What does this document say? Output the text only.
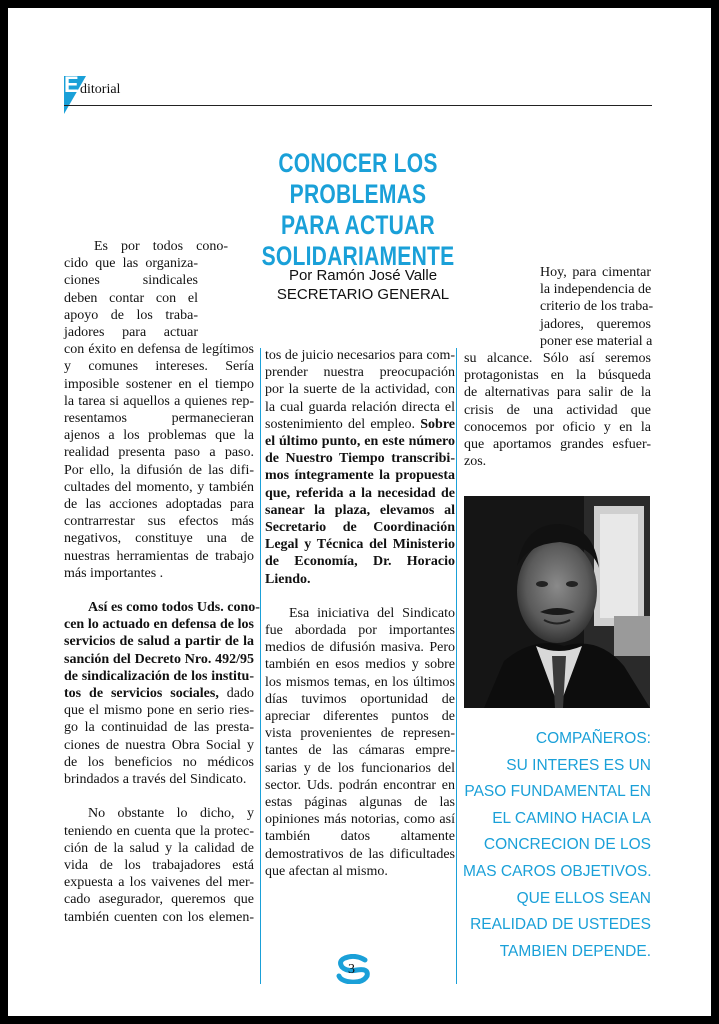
E ditorial
CONOCER LOS PROBLEMAS
PARA ACTUAR
SOLIDARIAMENTE
Por Ramón José Valle
SECRETARIO GENERAL

Es por todos cono-
cido que las organiza-
ciones sindicales
deben contar con el
apoyo de los traba-
jadores para actuar
con éxito en defensa de legítimos
y comunes intereses. Sería
imposible sostener en el tiempo
la tarea si aquellos a quienes rep-
resentamos permanecieran
ajenos a los problemas que la
realidad presenta paso a paso.
Por ello, la difusión de las difi-
cultades del momento, y también
de las acciones adoptadas para
contrarrestar sus efectos más
negativos, constituye una de
nuestras herramientas de trabajo
más importantes .

Así es como todos Uds. cono-
cen lo actuado en defensa de los
servicios de salud a partir de la
sanción del Decreto Nro. 492/95
de sindicalización de los institu-
tos de servicios sociales, dado
que el mismo pone en serio ries-
go la continuidad de las presta-
ciones de nuestra Obra Social y
de los beneficios no médicos
brindados a través del Sindicato.

No obstante lo dicho, y
teniendo en cuenta que la protec-
ción de la salud y la calidad de
vida de los trabajadores está
expuesta a los vaivenes del mer-
cado asegurador, queremos que
también cuenten con los elemen-

tos de juicio necesarios para com-
prender nuestra preocupación
por la suerte de la actividad, con
la cual guarda relación directa el
sostenimiento del empleo. Sobre
el último punto, en este número
de Nuestro Tiempo transcribi-
mos íntegramente la propuesta
que, referida a la necesidad de
sanear la plaza, elevamos al
Secretario de Coordinación
Legal y Técnica del Ministerio
de Economía, Dr. Horacio
Liendo.

Esa iniciativa del Sindicato
fue abordada por importantes
medios de difusión masiva. Pero
también en esos medios y sobre
los mismos temas, en los últimos
días tuvimos oportunidad de
apreciar diferentes puntos de
vista provenientes de represen-
tantes de las cámaras empre-
sarias y de los funcionarios del
sector. Uds. podrán encontrar en
estas páginas algunas de las
opiniones más notorias, como así
también datos altamente
demostrativos de las dificultades
que afectan al mismo.

Hoy, para cimentar
la independencia de
criterio de los traba-
jadores, queremos
poner ese material a
su alcance. Sólo así seremos
protagonistas en la búsqueda
de alternativas para salir de la
crisis de una actividad que
conocemos por oficio y en la
que aportamos grandes esfuer-
zos.

COMPAÑEROS:
SU INTERES ES UN
PASO FUNDAMENTAL EN
EL CAMINO HACIA LA
CONCRECION DE LOS
MAS CAROS OBJETIVOS.
QUE ELLOS SEAN
REALIDAD DE USTEDES
TAMBIEN DEPENDE.
3
